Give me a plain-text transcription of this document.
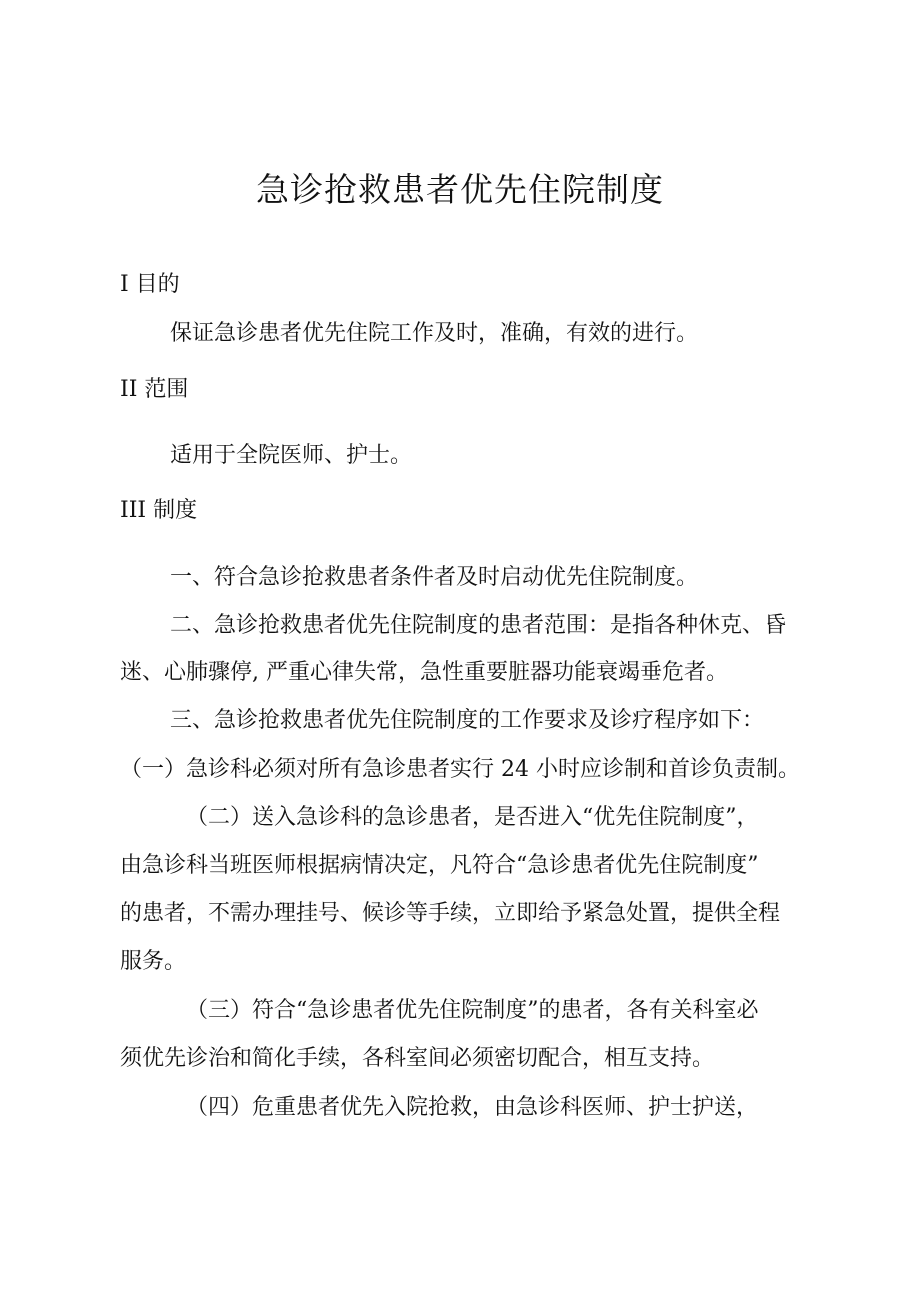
急诊抢救患者优先住院制度
I 目的
保证急诊患者优先住院工作及时，准确，有效的进行。
II 范围
适用于全院医师、护士。
III 制度
一、符合急诊抢救患者条件者及时启动优先住院制度。
二、急诊抢救患者优先住院制度的患者范围：是指各种休克、昏
迷、心肺骤停, 严重心律失常，急性重要脏器功能衰竭垂危者。
三、急诊抢救患者优先住院制度的工作要求及诊疗程序如下：
（一）急诊科必须对所有急诊患者实行 24 小时应诊制和首诊负责制。
（二）送入急诊科的急诊患者，是否进入“优先住院制度”，
由急诊科当班医师根据病情决定，凡符合“急诊患者优先住院制度”
的患者，不需办理挂号、候诊等手续，立即给予紧急处置，提供全程
服务。
（三）符合“急诊患者优先住院制度”的患者，各有关科室必
须优先诊治和简化手续，各科室间必须密切配合，相互支持。
（四）危重患者优先入院抢救，由急诊科医师、护士护送，
